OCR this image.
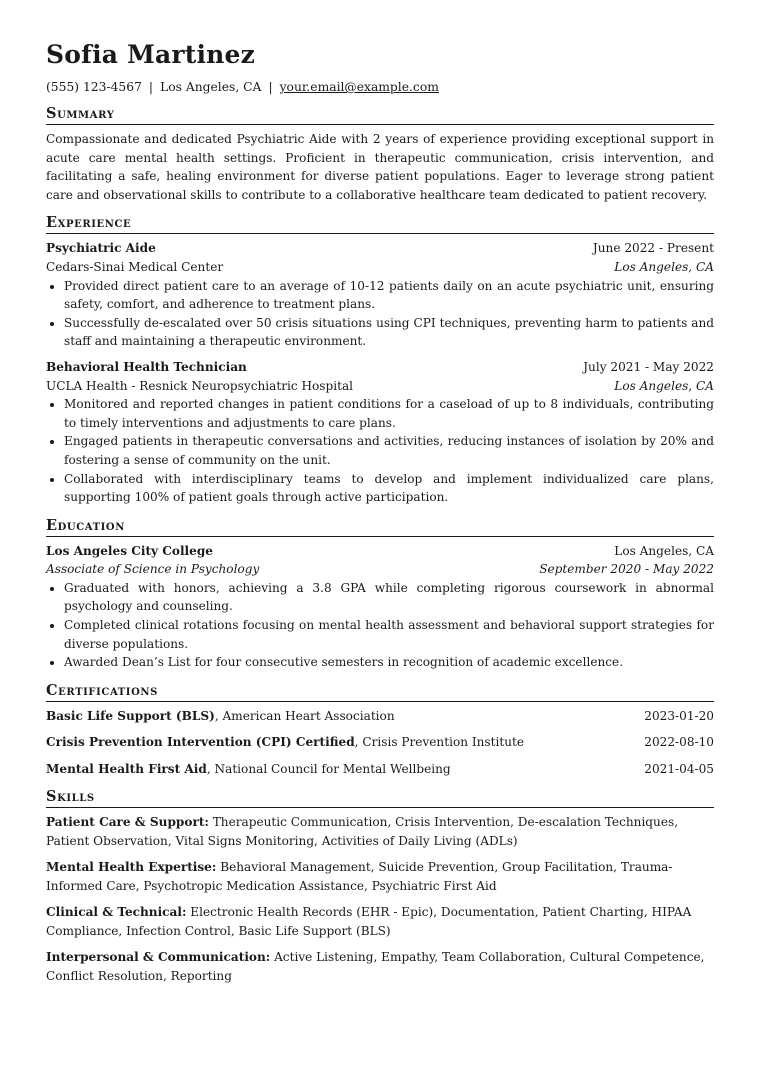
Sofia Martinez
(555) 123-4567 | Los Angeles, CA | your.email@example.com
Summary

Compassionate and dedicated Psychiatric Aide with 2 years of experience providing exceptional support in acute care mental health settings. Proficient in therapeutic communication, crisis intervention, and facilitating a safe, healing environment for diverse patient populations. Eager to leverage strong patient care and observational skills to contribute to a collaborative healthcare team dedicated to patient recovery.

Experience
Psychiatric Aide	June 2022 - Present
Cedars-Sinai Medical Center	Los Angeles, CA
• Provided direct patient care to an average of 10-12 patients daily on an acute psychiatric unit, ensuring safety, comfort, and adherence to treatment plans.
• Successfully de-escalated over 50 crisis situations using CPI techniques, preventing harm to patients and staff and maintaining a therapeutic environment.
Behavioral Health Technician	July 2021 - May 2022
UCLA Health - Resnick Neuropsychiatric Hospital	Los Angeles, CA
• Monitored and reported changes in patient conditions for a caseload of up to 8 individuals, contributing to timely interventions and adjustments to care plans.
• Engaged patients in therapeutic conversations and activities, reducing instances of isolation by 20% and fostering a sense of community on the unit.
• Collaborated with interdisciplinary teams to develop and implement individualized care plans, supporting 100% of patient goals through active participation.
Education
Los Angeles City College	Los Angeles, CA
Associate of Science in Psychology	September 2020 - May 2022
• Graduated with honors, achieving a 3.8 GPA while completing rigorous coursework in abnormal psychology and counseling.
• Completed clinical rotations focusing on mental health assessment and behavioral support strategies for diverse populations.
• Awarded Dean’s List for four consecutive semesters in recognition of academic excellence.
Certifications
Basic Life Support (BLS), American Heart Association	2023-01-20
Crisis Prevention Intervention (CPI) Certified, Crisis Prevention Institute	2022-08-10
Mental Health First Aid, National Council for Mental Wellbeing	2021-04-05
Skills

Patient Care & Support: Therapeutic Communication, Crisis Intervention, De-escalation Techniques, Patient Observation, Vital Signs Monitoring, Activities of Daily Living (ADLs)

Mental Health Expertise: Behavioral Management, Suicide Prevention, Group Facilitation, Trauma-Informed Care, Psychotropic Medication Assistance, Psychiatric First Aid

Clinical & Technical: Electronic Health Records (EHR - Epic), Documentation, Patient Charting, HIPAA Compliance, Infection Control, Basic Life Support (BLS)

Interpersonal & Communication: Active Listening, Empathy, Team Collaboration, Cultural Competence, Conflict Resolution, Reporting
